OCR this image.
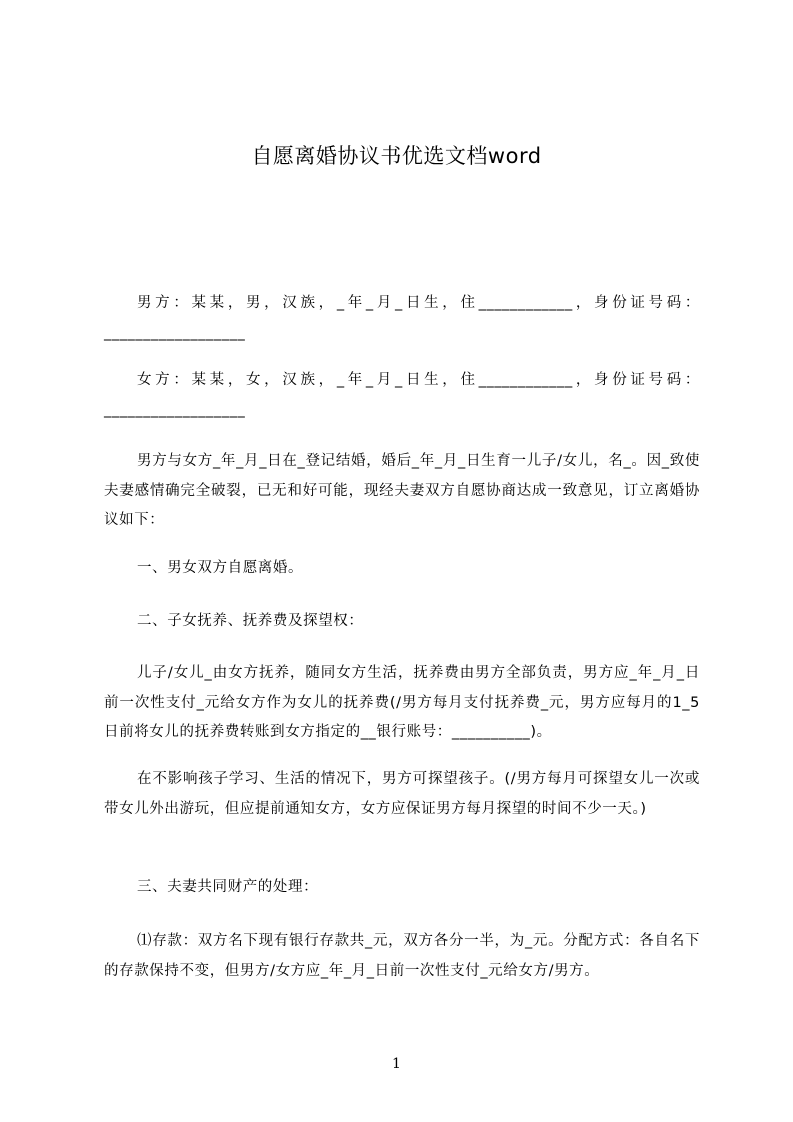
自愿离婚协议书优选文档word

男方：某某，男，汉族，_年_月_日生，住____________，身份证号码：__________________

女方：某某，女，汉族，_年_月_日生，住____________，身份证号码：__________________

男方与女方_年_月_日在_登记结婚，婚后_年_月_日生育一儿子/女儿，名_。因_致使夫妻感情确完全破裂，已无和好可能，现经夫妻双方自愿协商达成一致意见，订立离婚协议如下：

一、男女双方自愿离婚。

二、子女抚养、抚养费及探望权：

儿子/女儿_由女方抚养，随同女方生活，抚养费由男方全部负责，男方应_年_月_日前一次性支付_元给女方作为女儿的抚养费(/男方每月支付抚养费_元，男方应每月的1_5日前将女儿的抚养费转账到女方指定的__银行账号：__________)。

在不影响孩子学习、生活的情况下，男方可探望孩子。(/男方每月可探望女儿一次或带女儿外出游玩，但应提前通知女方，女方应保证男方每月探望的时间不少一天。)

三、夫妻共同财产的处理：

⑴存款：双方名下现有银行存款共_元，双方各分一半，为_元。分配方式：各自名下的存款保持不变，但男方/女方应_年_月_日前一次性支付_元给女方/男方。

1
